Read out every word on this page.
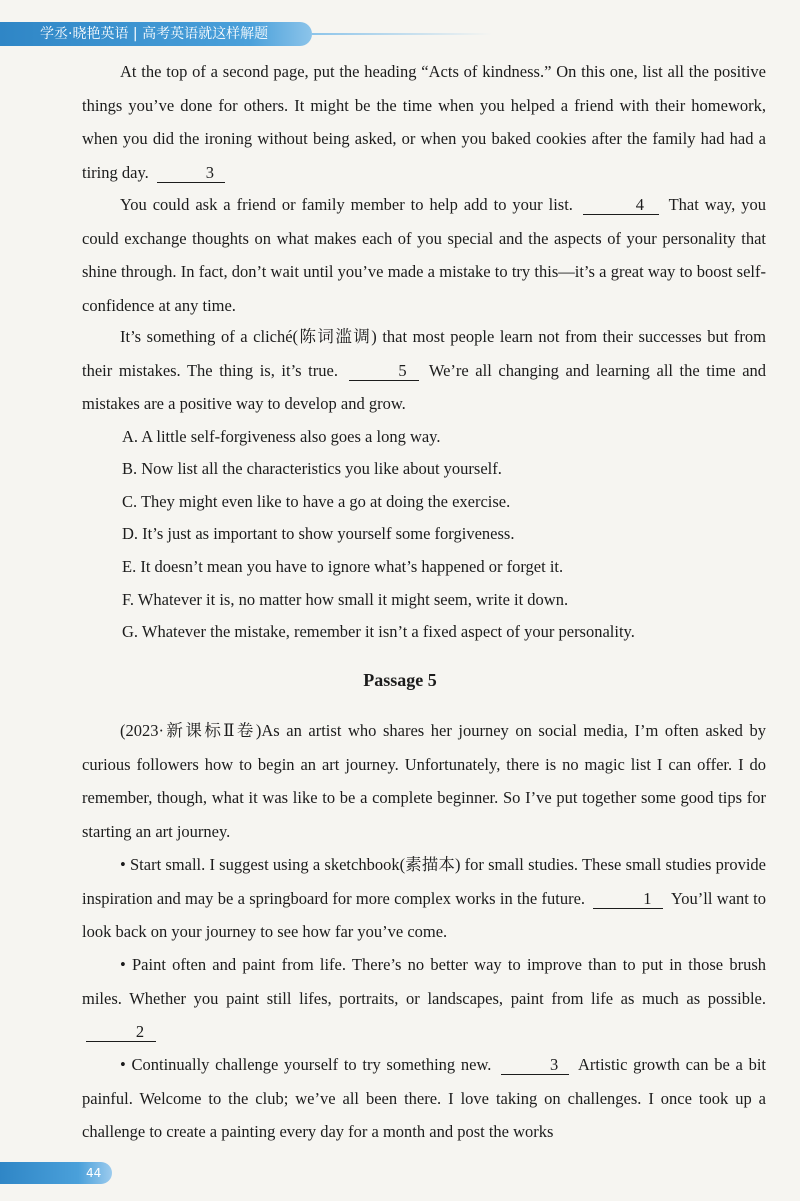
学丞·晓艳英语 | 高考英语就这样解题

At the top of a second page, put the heading “Acts of kindness.” On this one, list all the positive things you’ve done for others. It might be the time when you helped a friend with their homework, when you did the ironing without being asked, or when you baked cookies after the family had had a tiring day.	3

You could ask a friend or family member to help add to your list.	4 That way, you could exchange thoughts on what makes each of you special and the aspects of your personality that shine through. In fact, don’t wait until you’ve made a mistake to try this—it’s a great way to boost self-confidence at any time.

It’s something of a cliché(陈词滥调) that most people learn not from their successes but from their mistakes. The thing is, it’s true.	5 We’re all changing and learning all the time and mistakes are a positive way to develop and grow.

A. A little self-forgiveness also goes a long way.

B. Now list all the characteristics you like about yourself.

C. They might even like to have a go at doing the exercise.

D. It’s just as important to show yourself some forgiveness.

E. It doesn’t mean you have to ignore what’s happened or forget it.

F. Whatever it is, no matter how small it might seem, write it down.

G. Whatever the mistake, remember it isn’t a fixed aspect of your personality.

Passage 5

(2023·新课标Ⅱ卷)As an artist who shares her journey on social media, I’m often asked by curious followers how to begin an art journey. Unfortunately, there is no magic list I can offer. I do remember, though, what it was like to be a complete beginner. So I’ve put together some good tips for starting an art journey.

• Start small. I suggest using a sketchbook(素描本) for small studies. These small studies provide inspiration and may be a springboard for more complex works in the future.	1 You’ll want to look back on your journey to see how far you’ve come.

• Paint often and paint from life. There’s no better way to improve than to put in those brush miles. Whether you paint still lifes, portraits, or landscapes, paint from life as much as possible. 2

• Continually challenge yourself to try something new.	3 Artistic growth can be a bit painful. Welcome to the club; we’ve all been there. I love taking on challenges. I once took up a challenge to create a painting every day for a month and post the works

44
